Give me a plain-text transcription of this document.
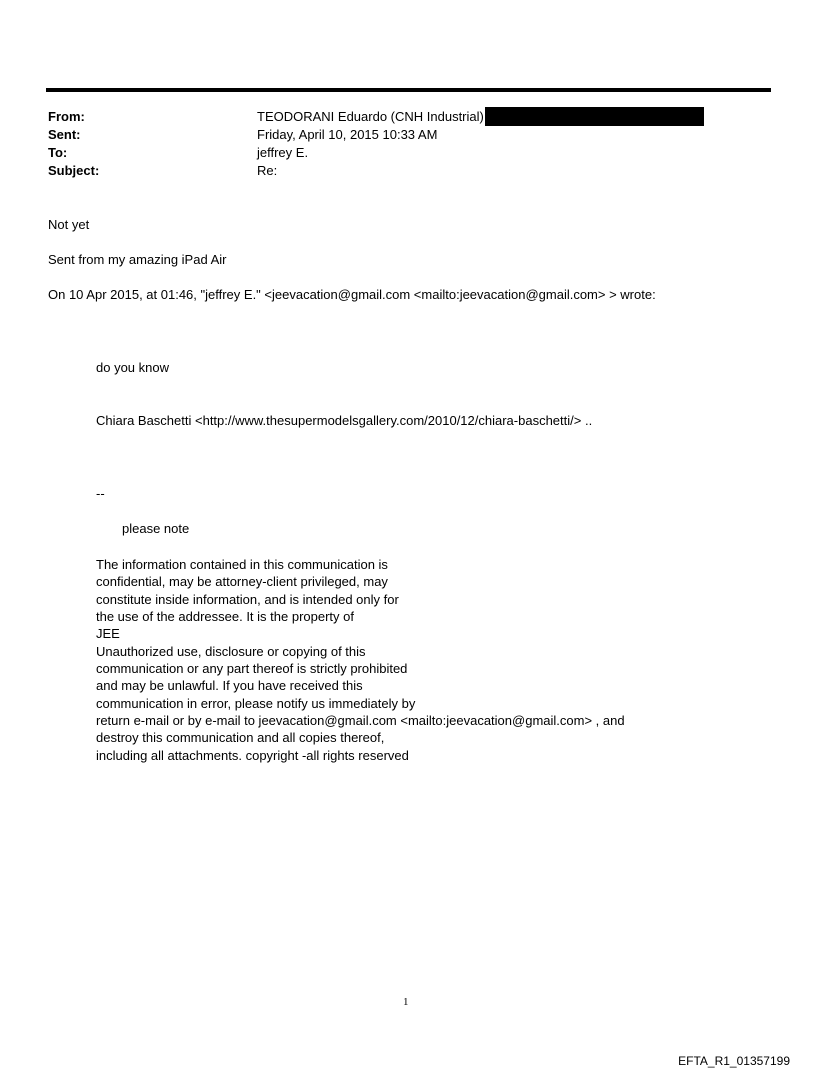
From:	TEODORANI Eduardo (CNH Industrial)
Sent:	Friday, April 10, 2015 10:33 AM
To:	jeffrey E.
Subject:	Re:
Not yet
Sent from my amazing iPad Air
On 10 Apr 2015, at 01:46, "jeffrey E." <jeevacation@gmail.com <mailto:jeevacation@gmail.com> > wrote:
do you know
Chiara Baschetti <http://www.thesupermodelsgallery.com/2010/12/chiara-baschetti/> ..
--
please note
The information contained in this communication is
confidential, may be attorney-client privileged, may
constitute inside information, and is intended only for
the use of the addressee. It is the property of
JEE
Unauthorized use, disclosure or copying of this
communication or any part thereof is strictly prohibited
and may be unlawful. If you have received this
communication in error, please notify us immediately by
return e-mail or by e-mail to jeevacation@gmail.com <mailto:jeevacation@gmail.com> , and
destroy this communication and all copies thereof,
including all attachments. copyright -all rights reserved
1
EFTA_R1_01357199
